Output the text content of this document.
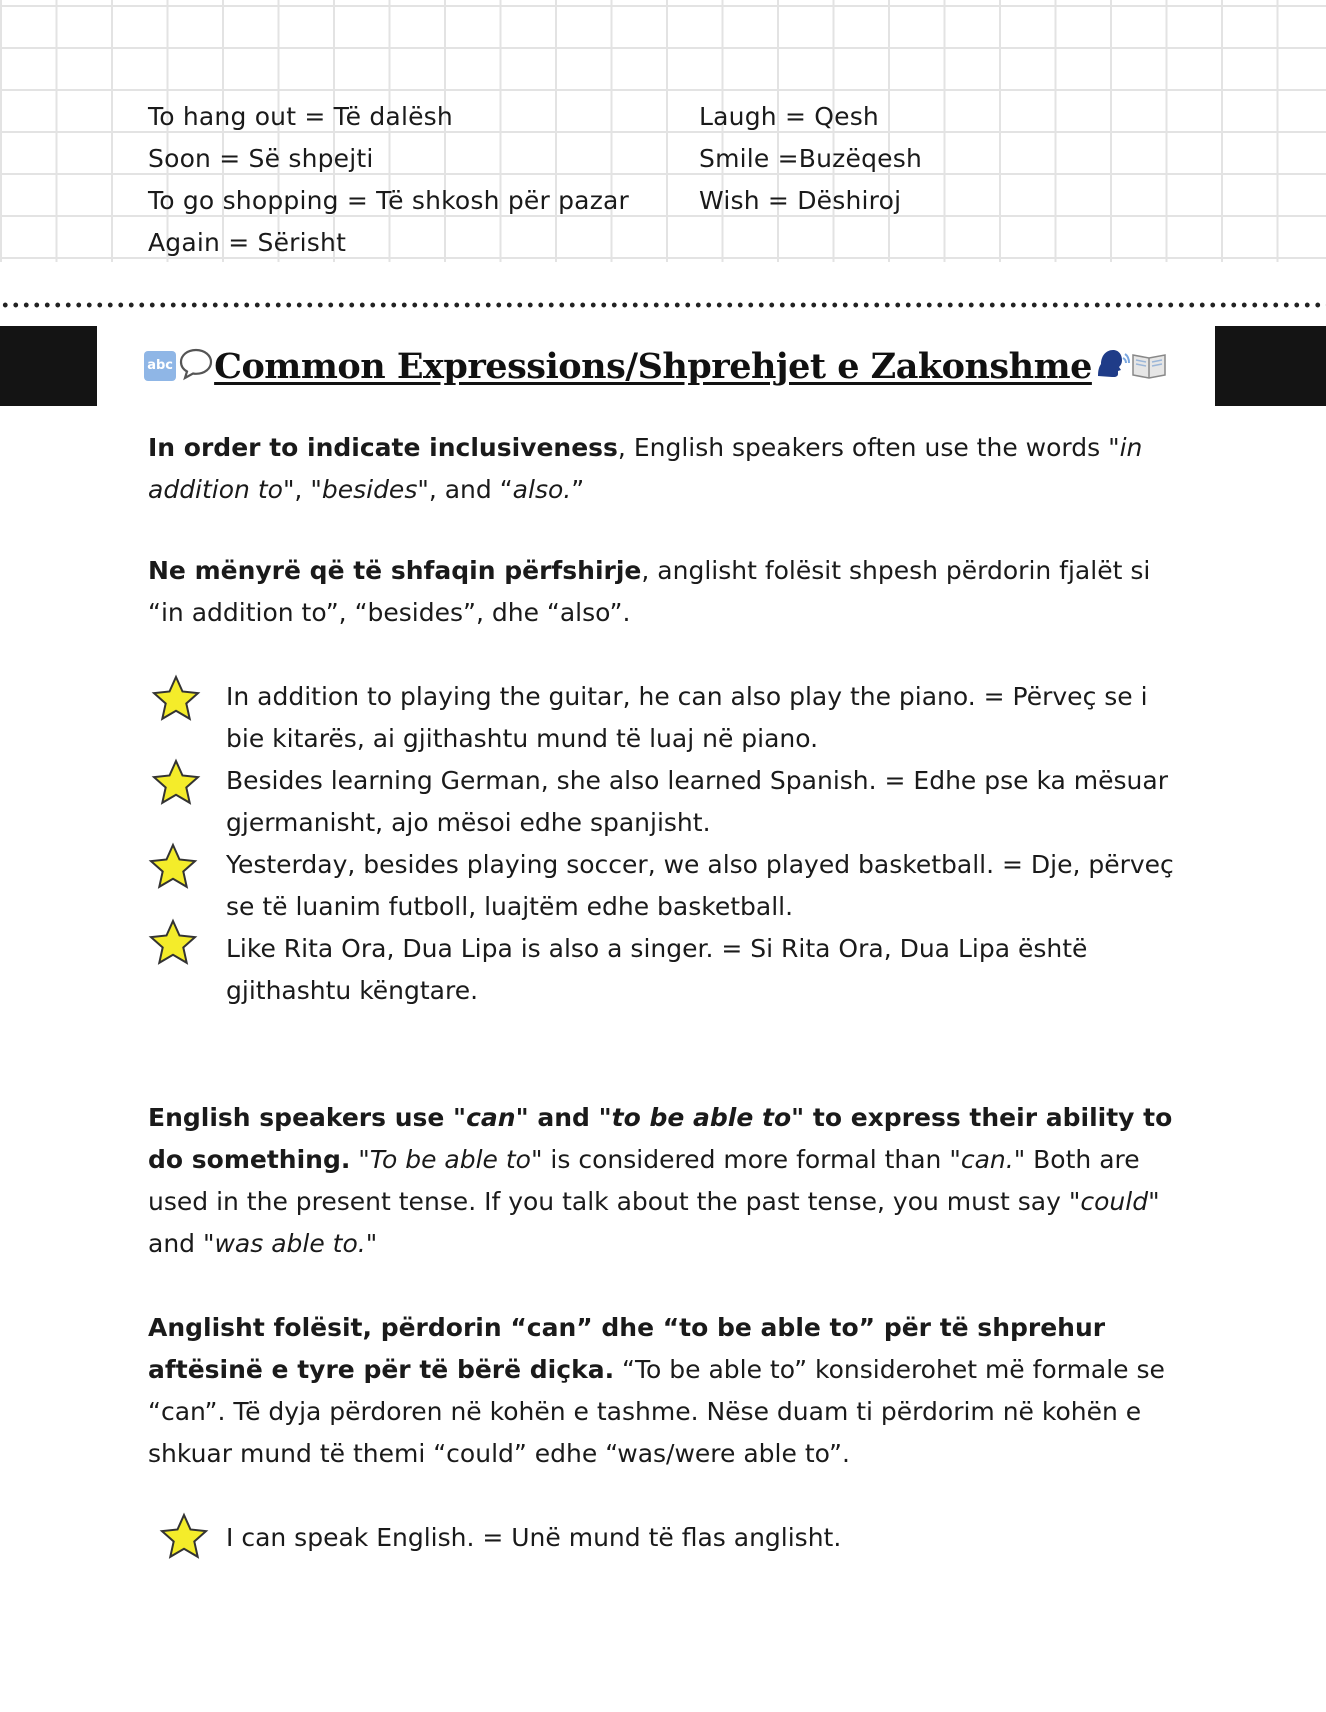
To hang out = Të dalësh
Soon = Së shpejti
To go shopping = Të shkosh për pazar
Again = Sërisht
Laugh = Qesh
Smile =Buzëqesh
Wish = Dëshiroj
abc Common Expressions/Shprehjet e Zakonshme
In order to indicate inclusiveness, English speakers often use the words "in addition to", "besides", and “also.”
Ne mënyrë që të shfaqin përfshirje, anglisht folësit shpesh përdorin fjalët si “in addition to”, “besides”, dhe “also”.
In addition to playing the guitar, he can also play the piano. = Përveç se i bie kitarës, ai gjithashtu mund të luaj në piano.
Besides learning German, she also learned Spanish. = Edhe pse ka mësuar gjermanisht, ajo mësoi edhe spanjisht.
Yesterday, besides playing soccer, we also played basketball. = Dje, përveç se të luanim futboll, luajtëm edhe basketball.
Like Rita Ora, Dua Lipa is also a singer. = Si Rita Ora, Dua Lipa është gjithashtu këngtare.
English speakers use "can" and "to be able to" to express their ability to do something. "To be able to" is considered more formal than "can." Both are used in the present tense. If you talk about the past tense, you must say "could" and "was able to."
Anglisht folësit, përdorin “can” dhe “to be able to” për të shprehur aftësinë e tyre për të bërë diçka. “To be able to” konsiderohet më formale se “can”. Të dyja përdoren në kohën e tashme. Nëse duam ti përdorim në kohën e shkuar mund të themi “could” edhe “was/were able to”.
I can speak English. = Unë mund të flas anglisht.
